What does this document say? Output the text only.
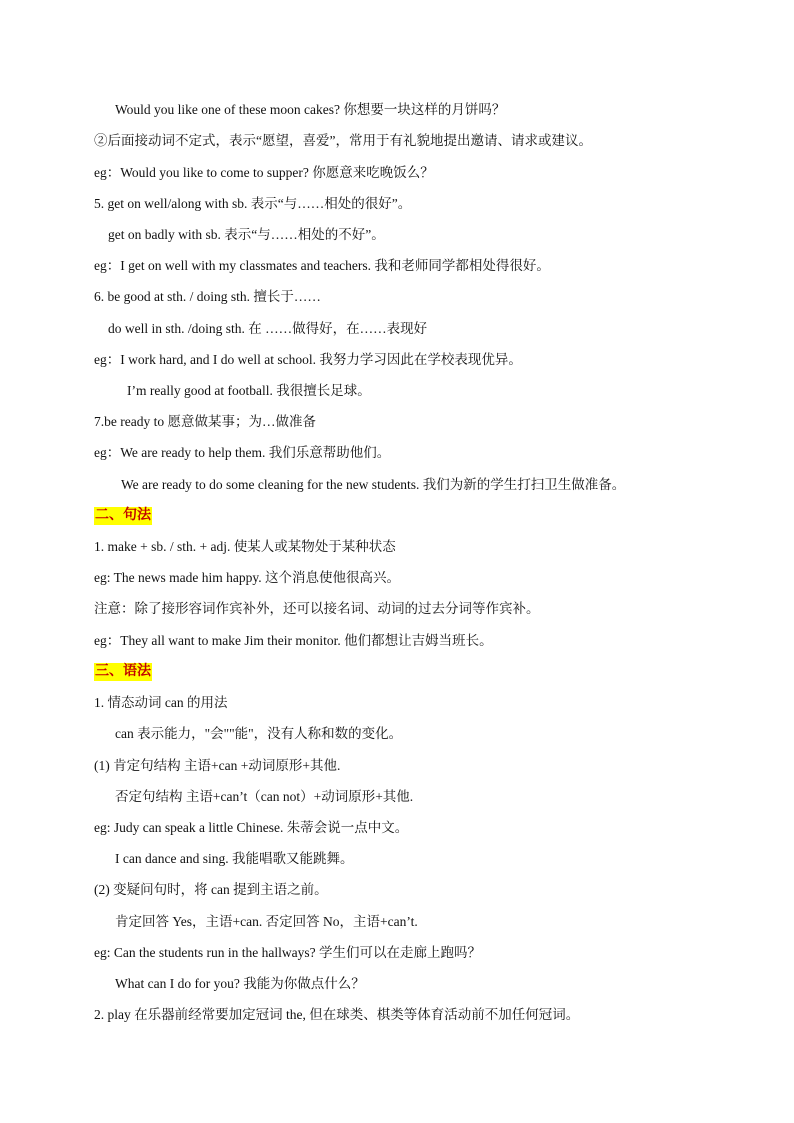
Would you like one of these moon cakes? 你想要一块这样的月饼吗？
②后面接动词不定式，表示“愿望，喜爱”，常用于有礼貌地提出邀请、请求或建议。
eg：Would you like to come to supper? 你愿意来吃晚饭么？
5. get on well/along with sb. 表示“与……相处的很好”。
get on badly with sb. 表示“与……相处的不好”。
eg：I get on well with my classmates and teachers. 我和老师同学都相处得很好。
6. be good at sth. / doing sth. 擅长于……
do well in sth. /doing sth. 在 ……做得好，在……表现好
eg：I work hard, and I do well at school. 我努力学习因此在学校表现优异。
I’m really good at football. 我很擅长足球。
7.be ready to 愿意做某事；为…做准备
eg：We are ready to help them. 我们乐意帮助他们。
We are ready to do some cleaning for the new students. 我们为新的学生打扫卫生做准备。
二、句法
1. make + sb. / sth. + adj. 使某人或某物处于某种状态
eg: The news made him happy. 这个消息使他很高兴。
注意：除了接形容词作宾补外，还可以接名词、动词的过去分词等作宾补。
eg：They all want to make Jim their monitor. 他们都想让吉姆当班长。
三、语法
1. 情态动词 can 的用法
can 表示能力，"会""能"，没有人称和数的变化。
(1) 肯定句结构 主语+can +动词原形+其他.
否定句结构 主语+can’t（can not）+动词原形+其他.
eg: Judy can speak a little Chinese. 朱蒂会说一点中文。
I can dance and sing. 我能唱歌又能跳舞。
(2) 变疑问句时，将 can 提到主语之前。
肯定回答 Yes，主语+can. 否定回答 No，主语+can’t.
eg: Can the students run in the hallways? 学生们可以在走廊上跑吗？
What can I do for you? 我能为你做点什么？
2. play 在乐器前经常要加定冠词 the, 但在球类、棋类等体育活动前不加任何冠词。
